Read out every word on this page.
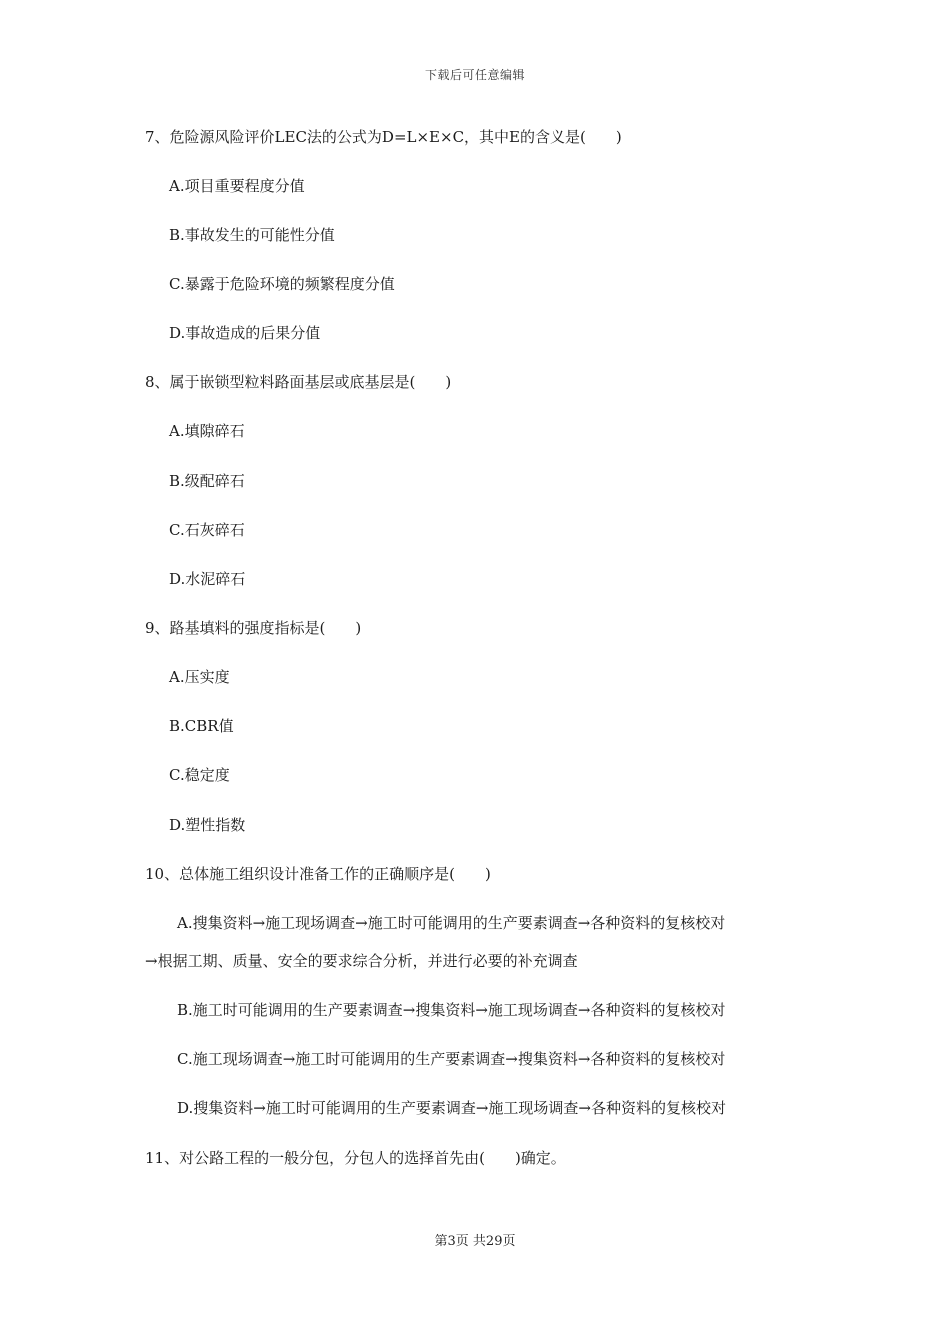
下载后可任意编辑
7、危险源风险评价LEC法的公式为D=L×E×C，其中E的含义是(　　)
A.项目重要程度分值
B.事故发生的可能性分值
C.暴露于危险环境的频繁程度分值
D.事故造成的后果分值
8、属于嵌锁型粒料路面基层或底基层是(　　)
A.填隙碎石
B.级配碎石
C.石灰碎石
D.水泥碎石
9、路基填料的强度指标是(　　)
A.压实度
B.CBR值
C.稳定度
D.塑性指数
10、总体施工组织设计准备工作的正确顺序是(　　)
A.搜集资料→施工现场调查→施工时可能调用的生产要素调查→各种资料的复核校对
→根据工期、质量、安全的要求综合分析，并进行必要的补充调查
B.施工时可能调用的生产要素调查→搜集资料→施工现场调查→各种资料的复核校对
C.施工现场调查→施工时可能调用的生产要素调查→搜集资料→各种资料的复核校对
D.搜集资料→施工时可能调用的生产要素调查→施工现场调查→各种资料的复核校对
11、对公路工程的一般分包，分包人的选择首先由(　　)确定。
第3页 共29页
